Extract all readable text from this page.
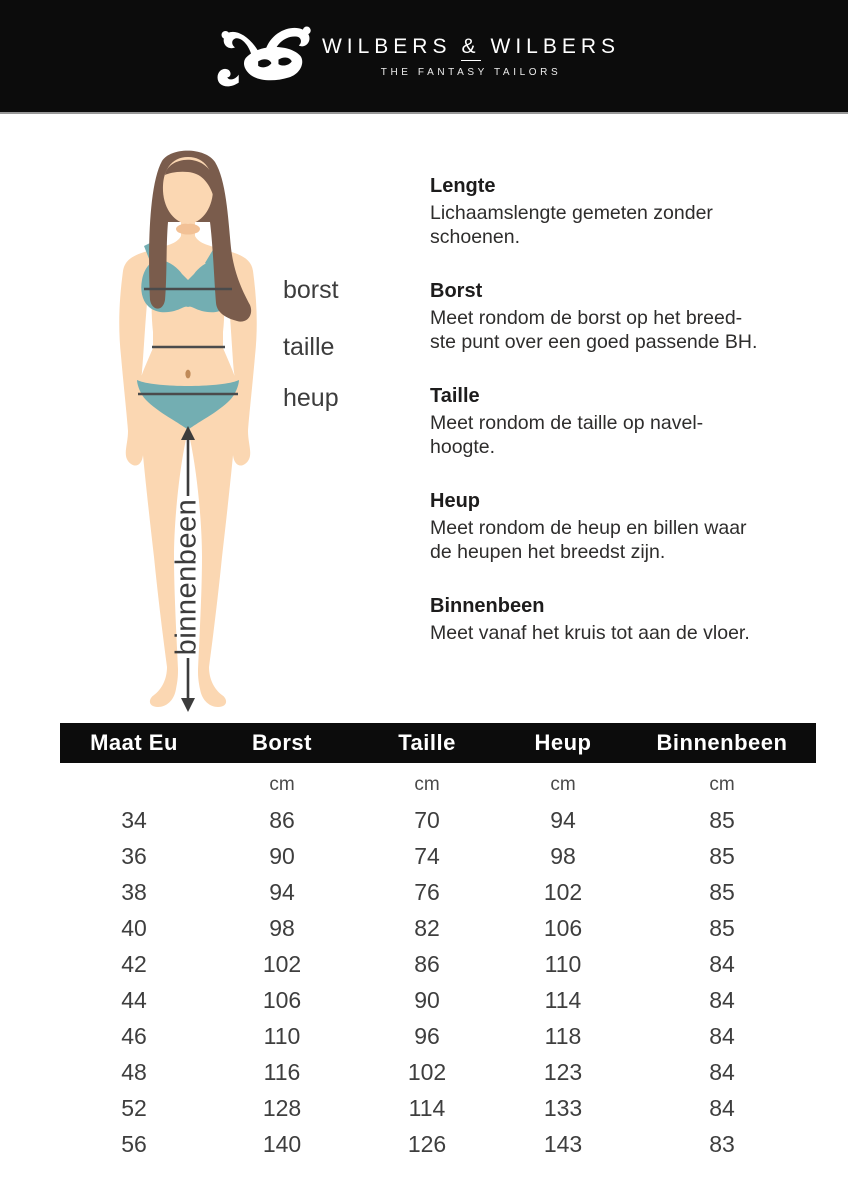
WILBERS & WILBERS
THE FANTASY TAILORS
binnenbeen
borst
taille
heup
Lengte
Lichaamslengte gemeten zonder
schoenen.
Borst
Meet rondom de borst op het breed-
ste punt over een goed passende BH.
Taille
Meet rondom de taille op navel-
hoogte.
Heup
Meet rondom de heup en billen waar
de heupen het breedst zijn.
Binnenbeen
Meet vanaf het kruis tot aan de vloer.
Maat Eu	Borst	Taille	Heup	Binnenbeen
	cm	cm	cm	cm
34	86	70	94	85
36	90	74	98	85
38	94	76	102	85
40	98	82	106	85
42	102	86	110	84
44	106	90	114	84
46	110	96	118	84
48	116	102	123	84
52	128	114	133	84
56	140	126	143	83
